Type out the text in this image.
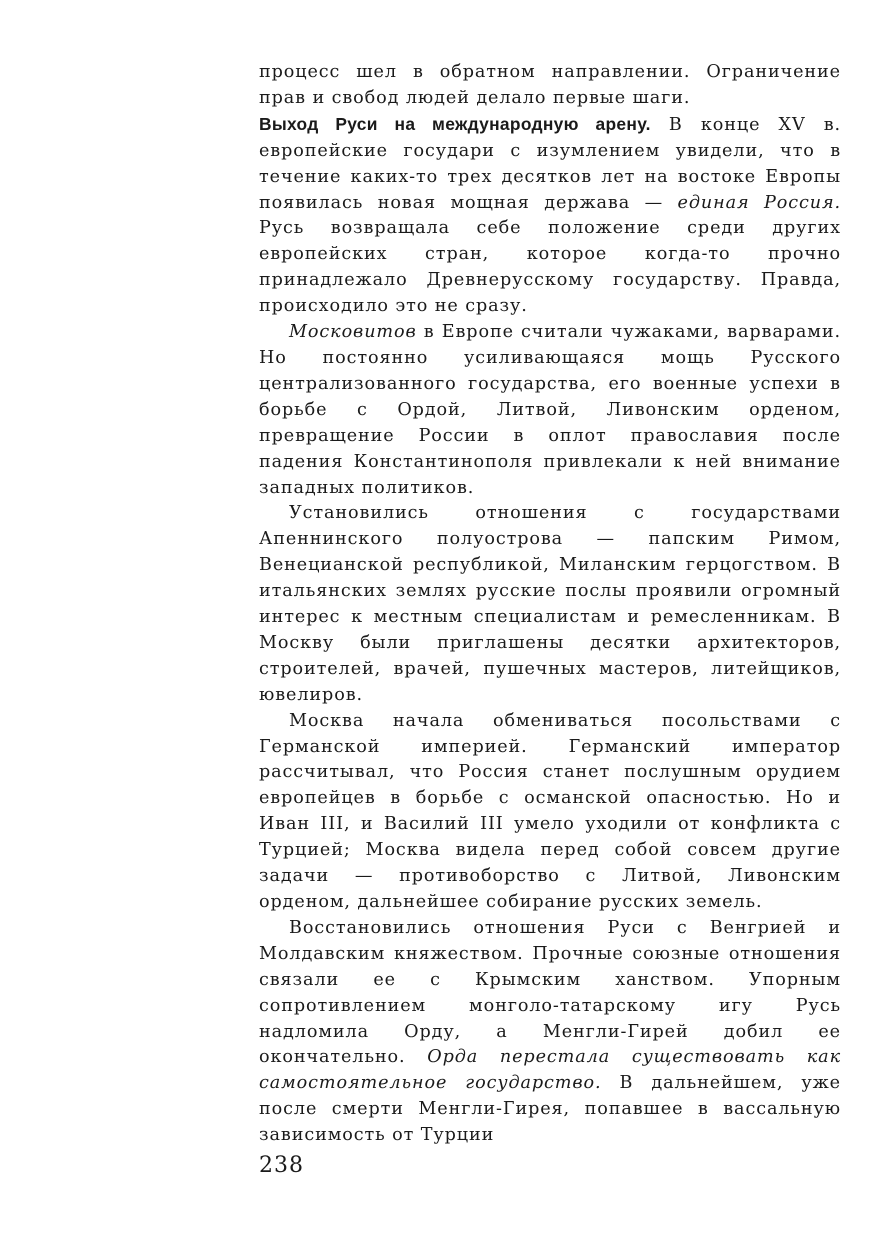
процесс шел в обратном направлении. Ограничение прав и свобод людей делало первые шаги.

Выход Руси на международную арену. В конце XV в. европейские государи с изумлением увидели, что в течение каких-то трех десятков лет на востоке Европы появилась новая мощная держава — единая Россия. Русь возвращала себе положение среди других европейских стран, которое когда-то прочно принадлежало Древнерусскому государству. Правда, происходило это не сразу.

Московитов в Европе считали чужаками, варварами. Но постоянно усиливающаяся мощь Русского централизованного государства, его военные успехи в борьбе с Ордой, Литвой, Ливонским орденом, превращение России в оплот православия после падения Константинополя привлекали к ней внимание западных политиков.

Установились отношения с государствами Апеннинского полуострова — папским Римом, Венецианской республикой, Миланским герцогством. В итальянских землях русские послы проявили огромный интерес к местным специалистам и ремесленникам. В Москву были приглашены десятки архитекторов, строителей, врачей, пушечных мастеров, литейщиков, ювелиров.

Москва начала обмениваться посольствами с Германской империей. Германский император рассчитывал, что Россия станет послушным орудием европейцев в борьбе с османской опасностью. Но и Иван III, и Василий III умело уходили от конфликта с Турцией; Москва видела перед собой совсем другие задачи — противоборство с Литвой, Ливонским орденом, дальнейшее собирание русских земель.

Восстановились отношения Руси с Венгрией и Молдавским княжеством. Прочные союзные отношения связали ее с Крымским ханством. Упорным сопротивлением монголо-татарскому игу Русь надломила Орду, а Менгли-Гирей добил ее окончательно. Орда перестала существовать как самостоятельное государство. В дальнейшем, уже после смерти Менгли-Гирея, попавшее в вассальную зависимость от Турции

238
